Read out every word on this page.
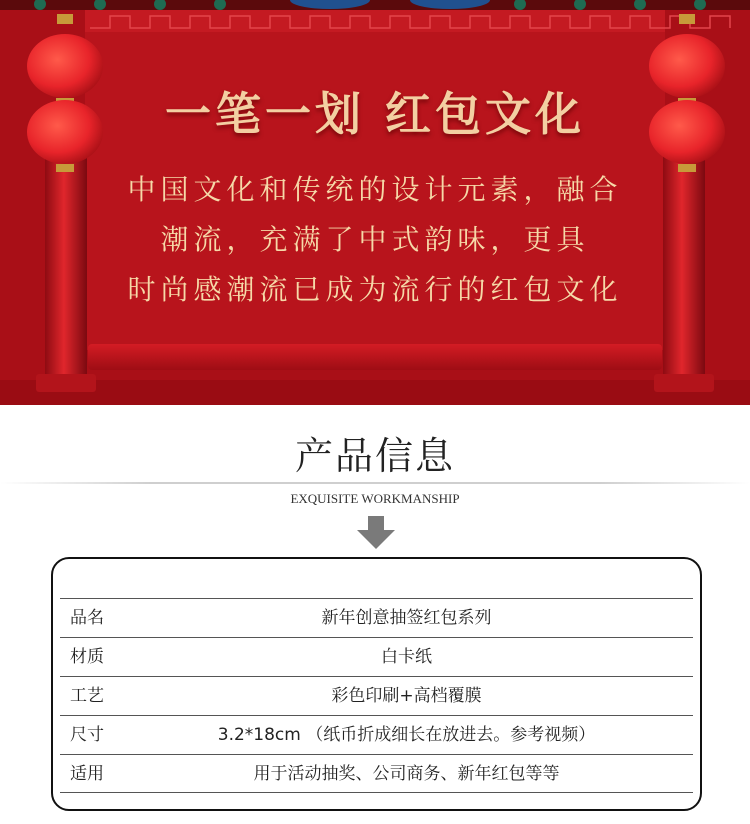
一笔一划 红包文化
中国文化和传统的设计元素，融合
潮流，充满了中式韵味，更具
时尚感潮流已成为流行的红包文化
产品信息
EXQUISITE WORKMANSHIP
品名	新年创意抽签红包系列
材质	白卡纸
工艺	彩色印刷+高档覆膜
尺寸	3.2*18cm （纸币折成细长在放进去。参考视频）
适用	用于活动抽奖、公司商务、新年红包等等
